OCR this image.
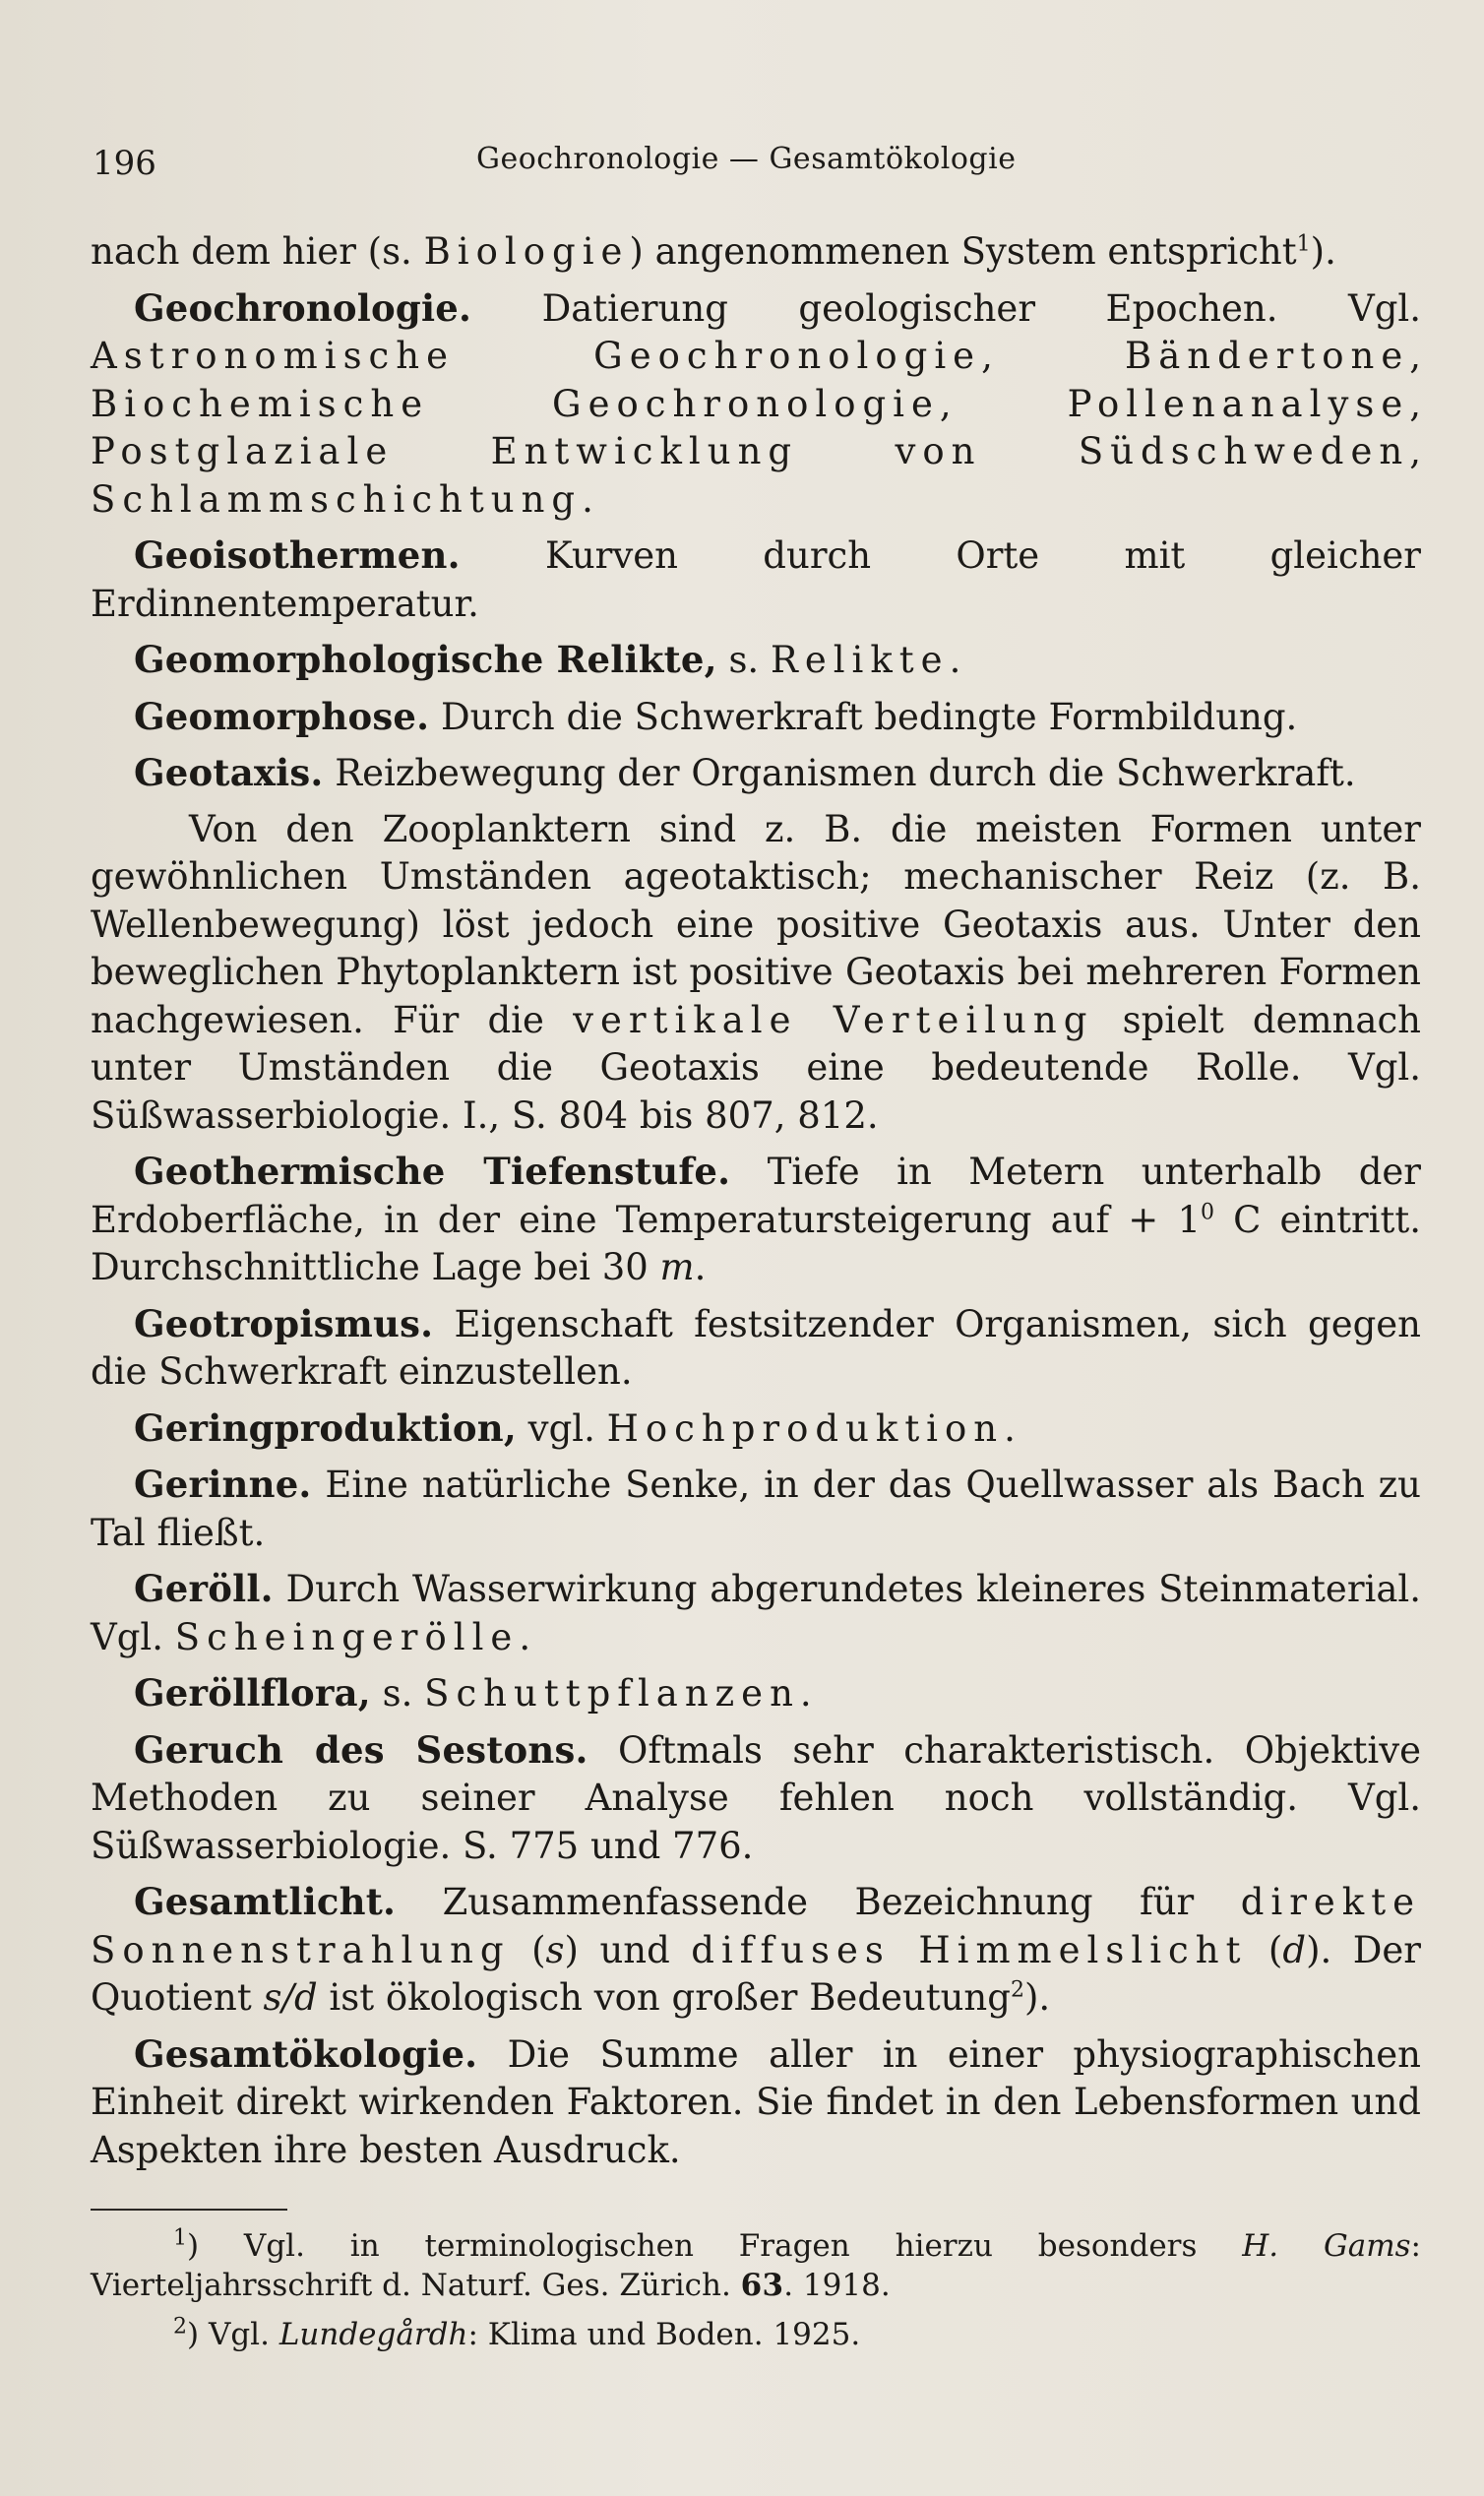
196	Geochronologie — Gesamtökologie

nach dem hier (s. Biologie) angenommenen System entspricht$^1$).

Geochronologie. Datierung geologischer Epochen. Vgl. Astronomische Geochronologie, Bändertone, Biochemische Geochronologie, Pollenanalyse, Postglaziale Entwicklung von Südschweden, Schlammschichtung.

Geoisothermen. Kurven durch Orte mit gleicher Erdinnentemperatur.

Geomorphologische Relikte, s. Relikte.

Geomorphose. Durch die Schwerkraft bedingte Formbildung.

Geotaxis. Reizbewegung der Organismen durch die Schwerkraft.

Von den Zooplanktern sind z. B. die meisten Formen unter gewöhnlichen Umständen ageotaktisch; mechanischer Reiz (z. B. Wellenbewegung) löst jedoch eine positive Geotaxis aus. Unter den beweglichen Phytoplanktern ist positive Geotaxis bei mehreren Formen nachgewiesen. Für die vertikale Verteilung spielt demnach unter Umständen die Geotaxis eine bedeutende Rolle. Vgl. Süßwasserbiologie. I., S. 804 bis 807, 812.

Geothermische Tiefenstufe. Tiefe in Metern unterhalb der Erdoberfläche, in der eine Temperatursteigerung auf + $1^0$ C eintritt. Durchschnittliche Lage bei 30 m.

Geotropismus. Eigenschaft festsitzender Organismen, sich gegen die Schwerkraft einzustellen.

Geringproduktion, vgl. Hochproduktion.

Gerinne. Eine natürliche Senke, in der das Quellwasser als Bach zu Tal fließt.

Geröll. Durch Wasserwirkung abgerundetes kleineres Steinmaterial. Vgl. Scheingerölle.

Geröllflora, s. Schuttpflanzen.

Geruch des Sestons. Oftmals sehr charakteristisch. Objektive Methoden zu seiner Analyse fehlen noch vollständig. Vgl. Süßwasserbiologie. S. 775 und 776.

Gesamtlicht. Zusammenfassende Bezeichnung für direkte Sonnenstrahlung (s) und diffuses Himmelslicht (d). Der Quotient s/d ist ökologisch von großer Bedeutung$^2$).

Gesamtökologie. Die Summe aller in einer physiographischen Einheit direkt wirkenden Faktoren. Sie findet in den Lebensformen und Aspekten ihre besten Ausdruck.

$^1$) Vgl. in terminologischen Fragen hierzu besonders H. Gams: Vierteljahrsschrift d. Naturf. Ges. Zürich. 63. 1918.

$^2$) Vgl. Lundegårdh: Klima und Boden. 1925.
